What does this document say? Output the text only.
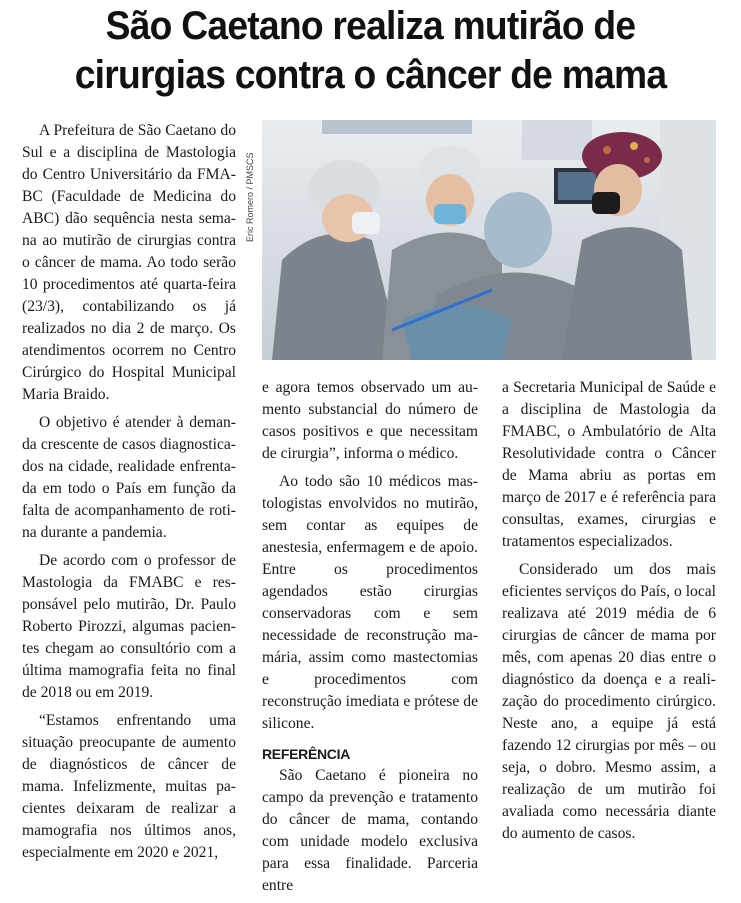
São Caetano realiza mutirão de cirurgias contra o câncer de mama

A Prefeitura de São Caetano do Sul e a disciplina de Mastologia do Centro Universitário da FMABC (Faculdade de Medicina do ABC) dão sequência nesta semana ao mutirão de cirurgias contra o câncer de mama. Ao todo serão 10 procedimentos até quarta-feira (23/3), contabilizando os já realizados no dia 2 de março. Os atendimentos ocorrem no Centro Cirúrgico do Hospital Municipal Maria Braido.

O objetivo é atender à demanda crescente de casos diagnosticados na cidade, realidade enfrentada em todo o País em função da falta de acompanhamento de rotina durante a pandemia.

De acordo com o professor de Mastologia da FMABC e responsável pelo mutirão, Dr. Paulo Roberto Pirozzi, algumas pacientes chegam ao consultório com a última mamografia feita no final de 2018 ou em 2019.

“Estamos enfrentando uma situação preocupante de aumento de diagnósticos de câncer de mama. Infelizmente, muitas pacientes deixaram de realizar a mamografia nos últimos anos, especialmente em 2020 e 2021,

Eric Romero / PMSCS

e agora temos observado um aumento substancial do número de casos positivos e que necessitam de cirurgia”, informa o médico.

Ao todo são 10 médicos mastologistas envolvidos no mutirão, sem contar as equipes de anestesia, enfermagem e de apoio. Entre os procedimentos agendados estão cirurgias conservadoras com e sem necessidade de reconstrução mamária, assim como mastectomias e procedimentos com reconstrução imediata e prótese de silicone.

REFERÊNCIA

São Caetano é pioneira no campo da prevenção e tratamento do câncer de mama, contando com unidade modelo exclusiva para essa finalidade. Parceria entre

a Secretaria Municipal de Saúde e a disciplina de Mastologia da FMABC, o Ambulatório de Alta Resolutividade contra o Câncer de Mama abriu as portas em março de 2017 e é referência para consultas, exames, cirurgias e tratamentos especializados.

Considerado um dos mais eficientes serviços do País, o local realizava até 2019 média de 6 cirurgias de câncer de mama por mês, com apenas 20 dias entre o diagnóstico da doença e a realização do procedimento cirúrgico. Neste ano, a equipe já está fazendo 12 cirurgias por mês – ou seja, o dobro. Mesmo assim, a realização de um mutirão foi avaliada como necessária diante do aumento de casos.
